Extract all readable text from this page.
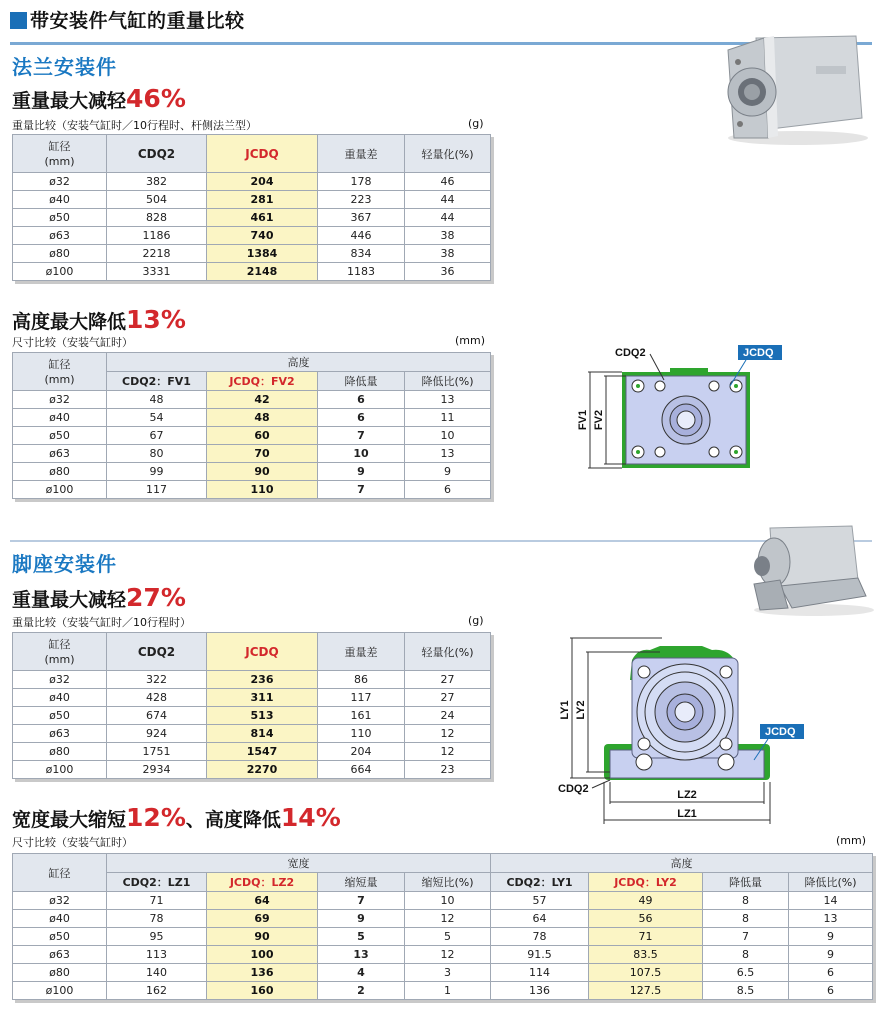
带安装件气缸的重量比较
法兰安装件
重量最大减轻46%
重量比较（安装气缸时／10行程时、杆侧法兰型）	(g)
缸径
(mm)	CDQ2	JCDQ	重量差	轻量化(%)
ø32	382	204	178	46
ø40	504	281	223	44
ø50	828	461	367	44
ø63	1186	740	446	38
ø80	2218	1384	834	38
ø100	3331	2148	1183	36
FV1 FV2
CDQ2	JCDQ
高度最大降低13%
尺寸比较（安装气缸时）	(mm)
缸径
(mm)	高度			
	CDQ2：FV1	JCDQ：FV2	降低量	降低比(%)
ø32	48	42	6	13
ø40	54	48	6	11
ø50	67	60	7	10
ø63	80	70	10	13
ø80	99	90	9	9
ø100	117	110	7	6
脚座安装件
重量最大减轻27%
重量比较（安装气缸时／10行程时）	(g)
缸径
(mm)	CDQ2	JCDQ	重量差	轻量化(%)
ø32	322	236	86	27
ø40	428	311	117	27
ø50	674	513	161	24
ø63	924	814	110	12
ø80	1751	1547	204	12
ø100	2934	2270	664	23
LY1 LY2
LZ2
LZ1
CDQ2
JCDQ
宽度最大缩短12%、高度降低14%
尺寸比较（安装气缸时）	(mm)
缸径	宽度				高度			
	CDQ2：LZ1	JCDQ：LZ2	缩短量	缩短比(%)	CDQ2：LY1	JCDQ：LY2	降低量	降低比(%)
ø32	71	64	7	10	57	49	8	14
ø40	78	69	9	12	64	56	8	13
ø50	95	90	5	5	78	71	7	9
ø63	113	100	13	12	91.5	83.5	8	9
ø80	140	136	4	3	114	107.5	6.5	6
ø100	162	160	2	1	136	127.5	8.5	6
